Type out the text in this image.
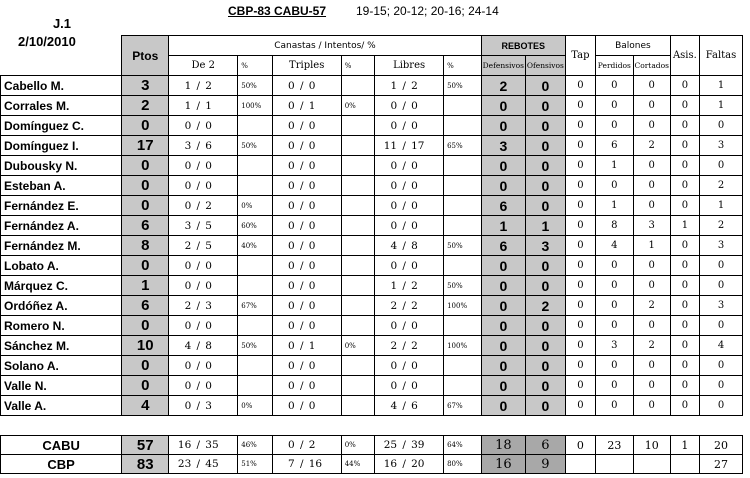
CBP-83 CABU-57 19-15; 20-12; 20-16; 24-14
J.1
2/10/2010
	Ptos	Canastas / Intentos/ %						REBOTES		Tap	Balones		Asis.	Faltas
		De 2	%	Triples	%	Libres	%	Defensivos	Ofensivos		Perdidos	Cortados		
Cabello M.	3	1 / 2	50%	0 / 0		1 / 2	50%	2	0	0	0	0	0	1
Corrales M.	2	1 / 1	100%	0 / 1	0%	0 / 0		0	0	0	0	0	0	1
Domínguez C.	0	0 / 0		0 / 0		0 / 0		0	0	0	0	0	0	0
Domínguez I.	17	3 / 6	50%	0 / 0		11 / 17	65%	3	0	0	6	2	0	3
Dubousky N.	0	0 / 0		0 / 0		0 / 0		0	0	0	1	0	0	0
Esteban A.	0	0 / 0		0 / 0		0 / 0		0	0	0	0	0	0	2
Fernández E.	0	0 / 2	0%	0 / 0		0 / 0		6	0	0	1	0	0	1
Fernández A.	6	3 / 5	60%	0 / 0		0 / 0		1	1	0	8	3	1	2
Fernández M.	8	2 / 5	40%	0 / 0		4 / 8	50%	6	3	0	4	1	0	3
Lobato A.	0	0 / 0		0 / 0		0 / 0		0	0	0	0	0	0	0
Márquez C.	1	0 / 0		0 / 0		1 / 2	50%	0	0	0	0	0	0	0
Ordóñez A.	6	2 / 3	67%	0 / 0		2 / 2	100%	0	2	0	0	2	0	3
Romero N.	0	0 / 0		0 / 0		0 / 0		0	0	0	0	0	0	0
Sánchez M.	10	4 / 8	50%	0 / 1	0%	2 / 2	100%	0	0	0	3	2	0	4
Solano A.	0	0 / 0		0 / 0		0 / 0		0	0	0	0	0	0	0
Valle N.	0	0 / 0		0 / 0		0 / 0		0	0	0	0	0	0	0
Valle A.	4	0 / 3	0%	0 / 0		4 / 6	67%	0	0	0	0	0	0	0

CABU	57	16 / 35	46%	0 / 2	0%	25 / 39	64%	18	6	0	23	10	1	20
CBP	83	23 / 45	51%	7 / 16	44%	16 / 20	80%	16	9					27
